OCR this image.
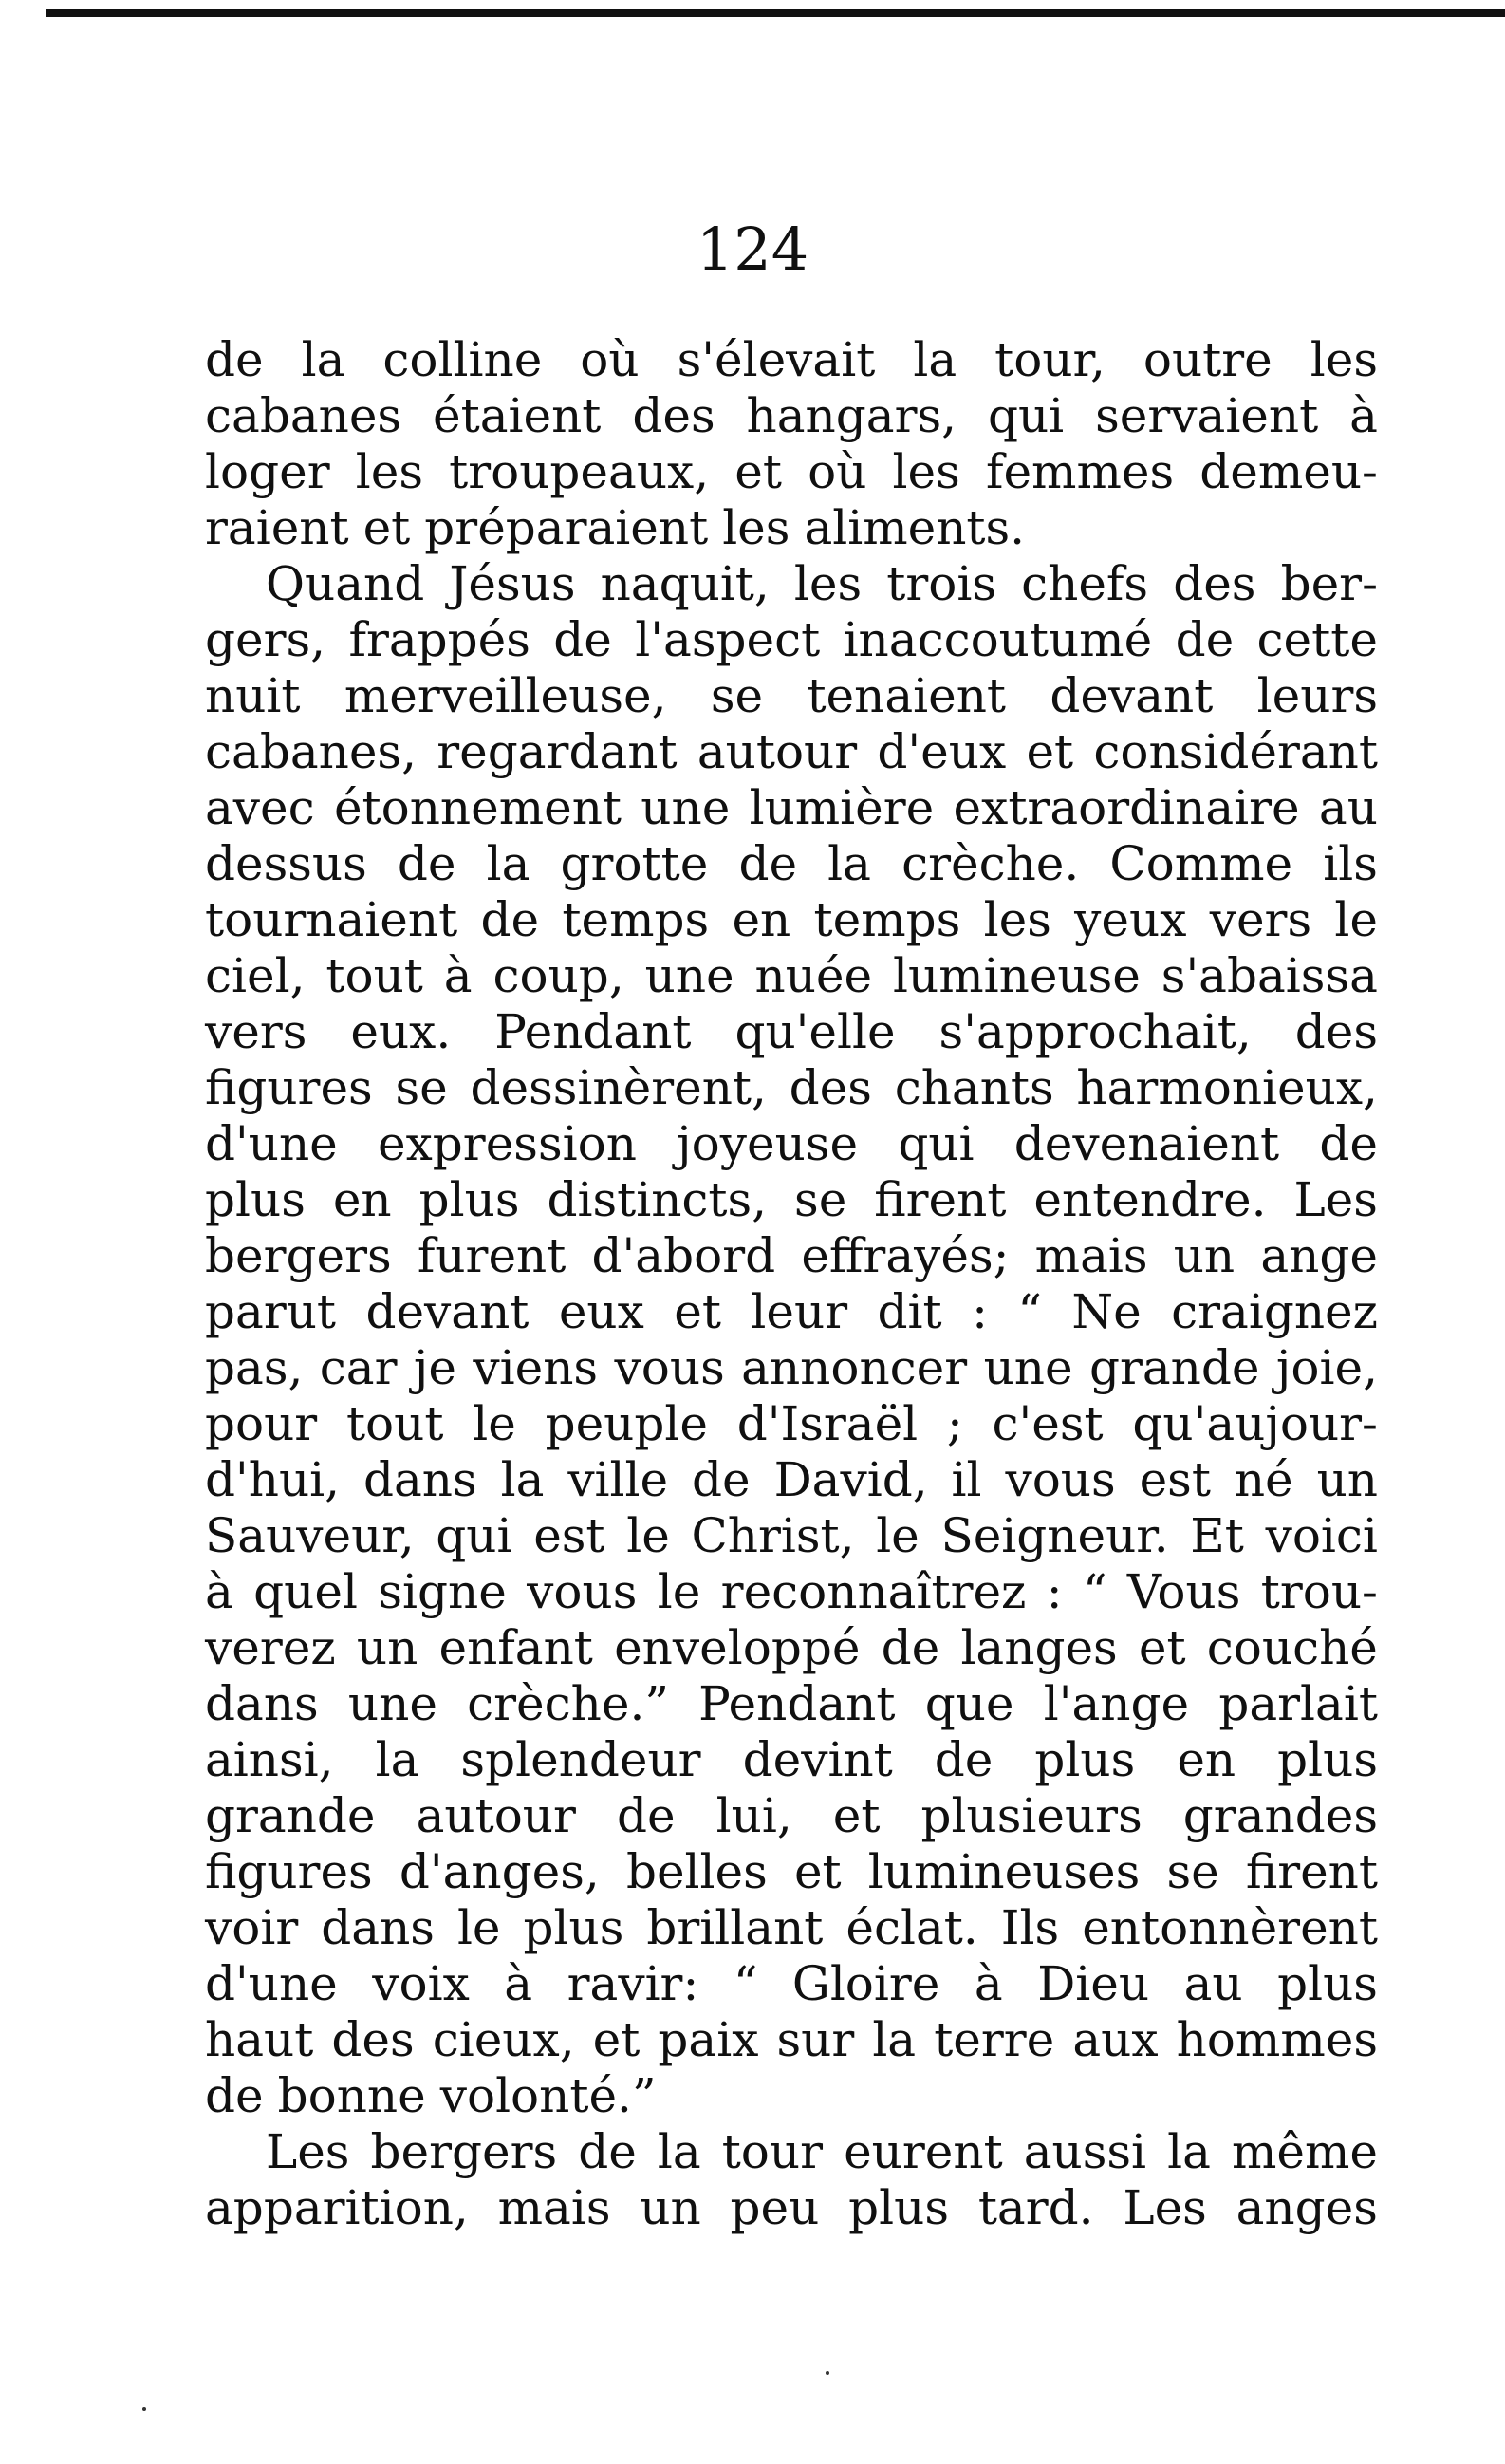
124
de la colline où s'élevait la tour, outre les
cabanes étaient des hangars, qui servaient à
loger les troupeaux, et où les femmes demeu-
raient et préparaient les aliments.
Quand Jésus naquit, les trois chefs des ber-
gers, frappés de l'aspect inaccoutumé de cette
nuit merveilleuse, se tenaient devant leurs
cabanes, regardant autour d'eux et considérant
avec étonnement une lumière extraordinaire au
dessus de la grotte de la crèche. Comme ils
tournaient de temps en temps les yeux vers le
ciel, tout à coup, une nuée lumineuse s'abaissa
vers eux. Pendant qu'elle s'approchait, des
figures se dessinèrent, des chants harmonieux,
d'une expression joyeuse qui devenaient de
plus en plus distincts, se firent entendre. Les
bergers furent d'abord effrayés; mais un ange
parut devant eux et leur dit : “ Ne craignez
pas, car je viens vous annoncer une grande joie,
pour tout le peuple d'Israël ; c'est qu'aujour-
d'hui, dans la ville de David, il vous est né un
Sauveur, qui est le Christ, le Seigneur. Et voici
à quel signe vous le reconnaîtrez : “ Vous trou-
verez un enfant enveloppé de langes et couché
dans une crèche.” Pendant que l'ange parlait
ainsi, la splendeur devint de plus en plus
grande autour de lui, et plusieurs grandes
figures d'anges, belles et lumineuses se firent
voir dans le plus brillant éclat. Ils entonnèrent
d'une voix à ravir: “ Gloire à Dieu au plus
haut des cieux, et paix sur la terre aux hommes
de bonne volonté.”
Les bergers de la tour eurent aussi la même
apparition, mais un peu plus tard. Les anges
